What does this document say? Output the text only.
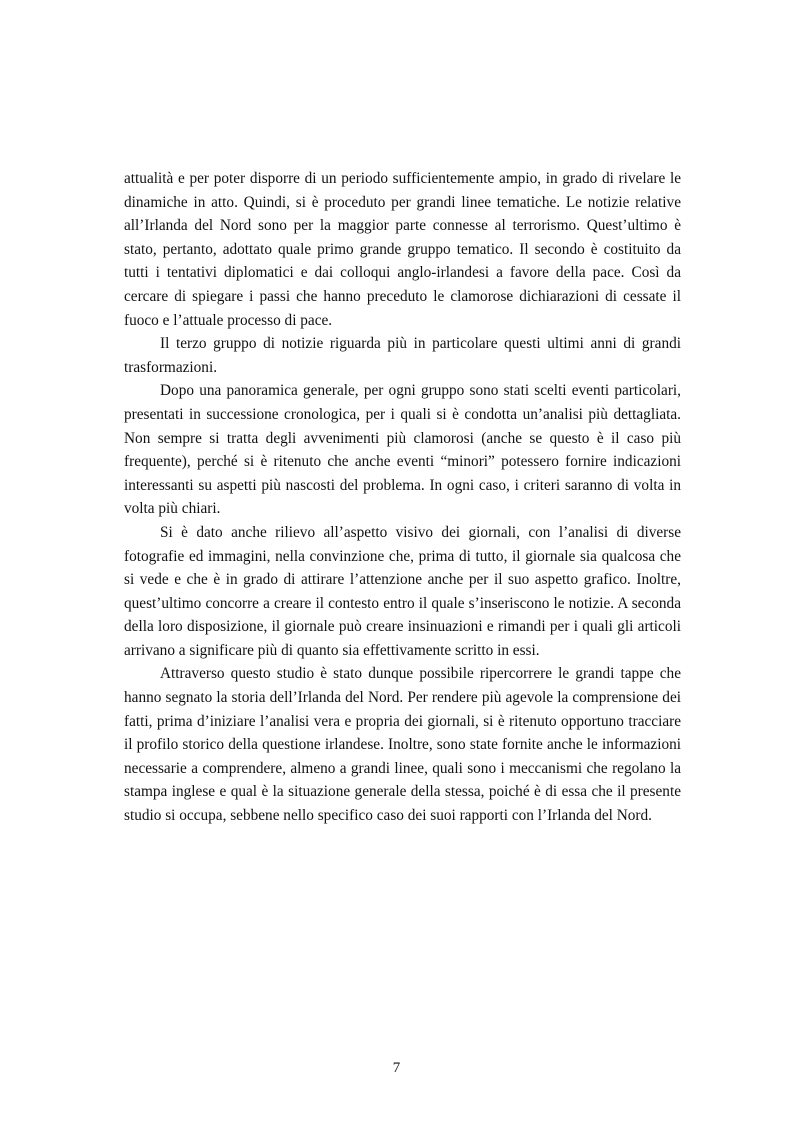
attualità e per poter disporre di un periodo sufficientemente ampio, in grado di rivelare le dinamiche in atto. Quindi, si è proceduto per grandi linee tematiche. Le notizie relative all’Irlanda del Nord sono per la maggior parte connesse al terrorismo. Quest’ultimo è stato, pertanto, adottato quale primo grande gruppo tematico. Il secondo è costituito da tutti i tentativi diplomatici e dai colloqui anglo-irlandesi a favore della pace. Così da cercare di spiegare i passi che hanno preceduto le clamorose dichiarazioni di cessate il fuoco e l’attuale processo di pace.

Il terzo gruppo di notizie riguarda più in particolare questi ultimi anni di grandi trasformazioni.

Dopo una panoramica generale, per ogni gruppo sono stati scelti eventi particolari, presentati in successione cronologica, per i quali si è condotta un’analisi più dettagliata. Non sempre si tratta degli avvenimenti più clamorosi (anche se questo è il caso più frequente), perché si è ritenuto che anche eventi “minori” potessero fornire indicazioni interessanti su aspetti più nascosti del problema. In ogni caso, i criteri saranno di volta in volta più chiari.

Si è dato anche rilievo all’aspetto visivo dei giornali, con l’analisi di diverse fotografie ed immagini, nella convinzione che, prima di tutto, il giornale sia qualcosa che si vede e che è in grado di attirare l’attenzione anche per il suo aspetto grafico. Inoltre, quest’ultimo concorre a creare il contesto entro il quale s’inseriscono le notizie. A seconda della loro disposizione, il giornale può creare insinuazioni e rimandi per i quali gli articoli arrivano a significare più di quanto sia effettivamente scritto in essi.

Attraverso questo studio è stato dunque possibile ripercorrere le grandi tappe che hanno segnato la storia dell’Irlanda del Nord. Per rendere più agevole la comprensione dei fatti, prima d’iniziare l’analisi vera e propria dei giornali, si è ritenuto opportuno tracciare il profilo storico della questione irlandese. Inoltre, sono state fornite anche le informazioni necessarie a comprendere, almeno a grandi linee, quali sono i meccanismi che regolano la stampa inglese e qual è la situazione generale della stessa, poiché è di essa che il presente studio si occupa, sebbene nello specifico caso dei suoi rapporti con l’Irlanda del Nord.

7
